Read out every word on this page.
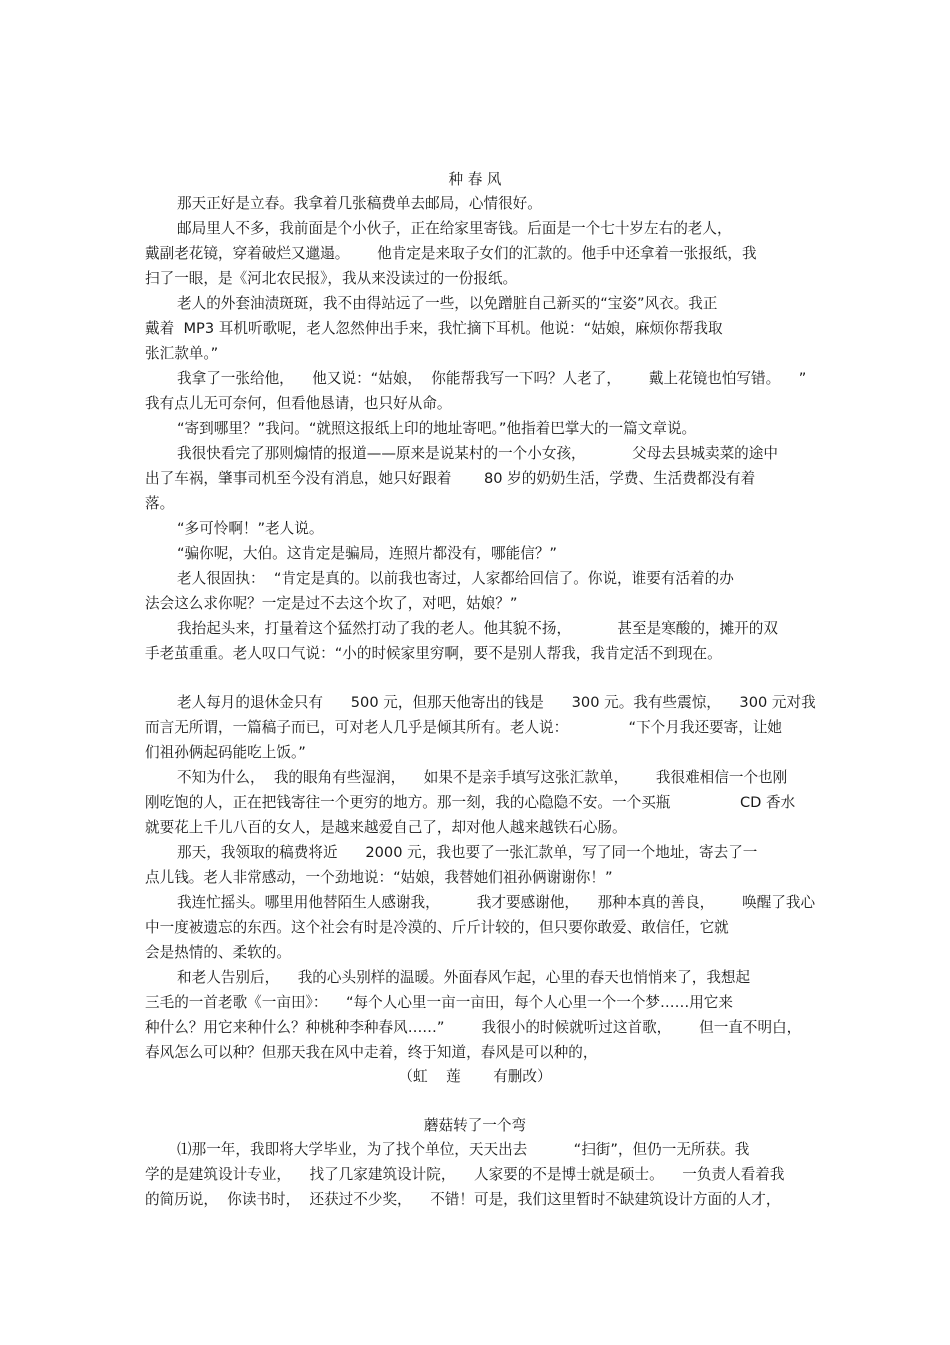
种 春 风
那天正好是立春。我拿着几张稿费单去邮局，心情很好。
邮局里人不多，我前面是个小伙子，正在给家里寄钱。后面是一个七十岁左右的老人，
戴副老花镜，穿着破烂又邋遢。      他肯定是来取子女们的汇款的。他手中还拿着一张报纸，我
扫了一眼，是《河北农民报》，我从来没读过的一份报纸。
老人的外套油渍斑斑，我不由得站远了一些，以免蹭脏自己新买的“宝姿”风衣。我正
戴着  MP3 耳机听歌呢，老人忽然伸出手来，我忙摘下耳机。他说：“姑娘，麻烦你帮我取
张汇款单。”
我拿了一张给他，    他又说：“姑娘，  你能帮我写一下吗？人老了，      戴上花镜也怕写错。    ”
我有点儿无可奈何，但看他恳请，也只好从命。
“寄到哪里？”我问。“就照这报纸上印的地址寄吧。”他指着巴掌大的一篇文章说。
我很快看完了那则煽情的报道——原来是说某村的一个小女孩，          父母去县城卖菜的途中
出了车祸，肇事司机至今没有消息，她只好跟着       80 岁的奶奶生活，学费、生活费都没有着
落。
“多可怜啊！”老人说。
“骗你呢，大伯。这肯定是骗局，连照片都没有，哪能信？”
老人很固执：  “肯定是真的。以前我也寄过，人家都给回信了。你说，谁要有活着的办
法会这么求你呢？一定是过不去这个坎了，对吧，姑娘？”
我抬起头来，打量着这个猛然打动了我的老人。他其貌不扬，          甚至是寒酸的，摊开的双
手老茧重重。老人叹口气说：“小的时候家里穷啊，要不是别人帮我，我肯定活不到现在。
老人每月的退休金只有      500 元，但那天他寄出的钱是      300 元。我有些震惊，    300 元对我
而言无所谓，一篇稿子而已，可对老人几乎是倾其所有。老人说：             “下个月我还要寄，让她
们祖孙俩起码能吃上饭。”
不知为什么，  我的眼角有些湿润，    如果不是亲手填写这张汇款单，      我很难相信一个也刚
刚吃饱的人，正在把钱寄往一个更穷的地方。那一刻，我的心隐隐不安。一个买瓶               CD 香水
就要花上千儿八百的女人，是越来越爱自己了，却对他人越来越铁石心肠。
那天，我领取的稿费将近      2000 元，我也要了一张汇款单，写了同一个地址，寄去了一
点儿钱。老人非常感动，一个劲地说：“姑娘，我替她们祖孙俩谢谢你！”
我连忙摇头。哪里用他替陌生人感谢我，        我才要感谢他，    那种本真的善良，      唤醒了我心
中一度被遗忘的东西。这个社会有时是冷漠的、斤斤计较的，但只要你敢爱、敢信任，它就
会是热情的、柔软的。
和老人告别后，    我的心头别样的温暖。外面春风乍起，心里的春天也悄悄来了，我想起
三毛的一首老歌《一亩田》：    “每个人心里一亩一亩田，每个人心里一个一个梦……用它来
种什么？用它来种什么？种桃种李种春风……”        我很小的时候就听过这首歌，      但一直不明白，
春风怎么可以种？但那天我在风中走着，终于知道，春风是可以种的，
（虹    莲       有删改）
蘑菇转了一个弯
⑴那一年，我即将大学毕业，为了找个单位，天天出去          “扫街”，但仍一无所获。我
学的是建筑设计专业，    找了几家建筑设计院，    人家要的不是博士就是硕士。    一负责人看着我
的简历说，  你读书时，  还获过不少奖，    不错！可是，我们这里暂时不缺建筑设计方面的人才，
